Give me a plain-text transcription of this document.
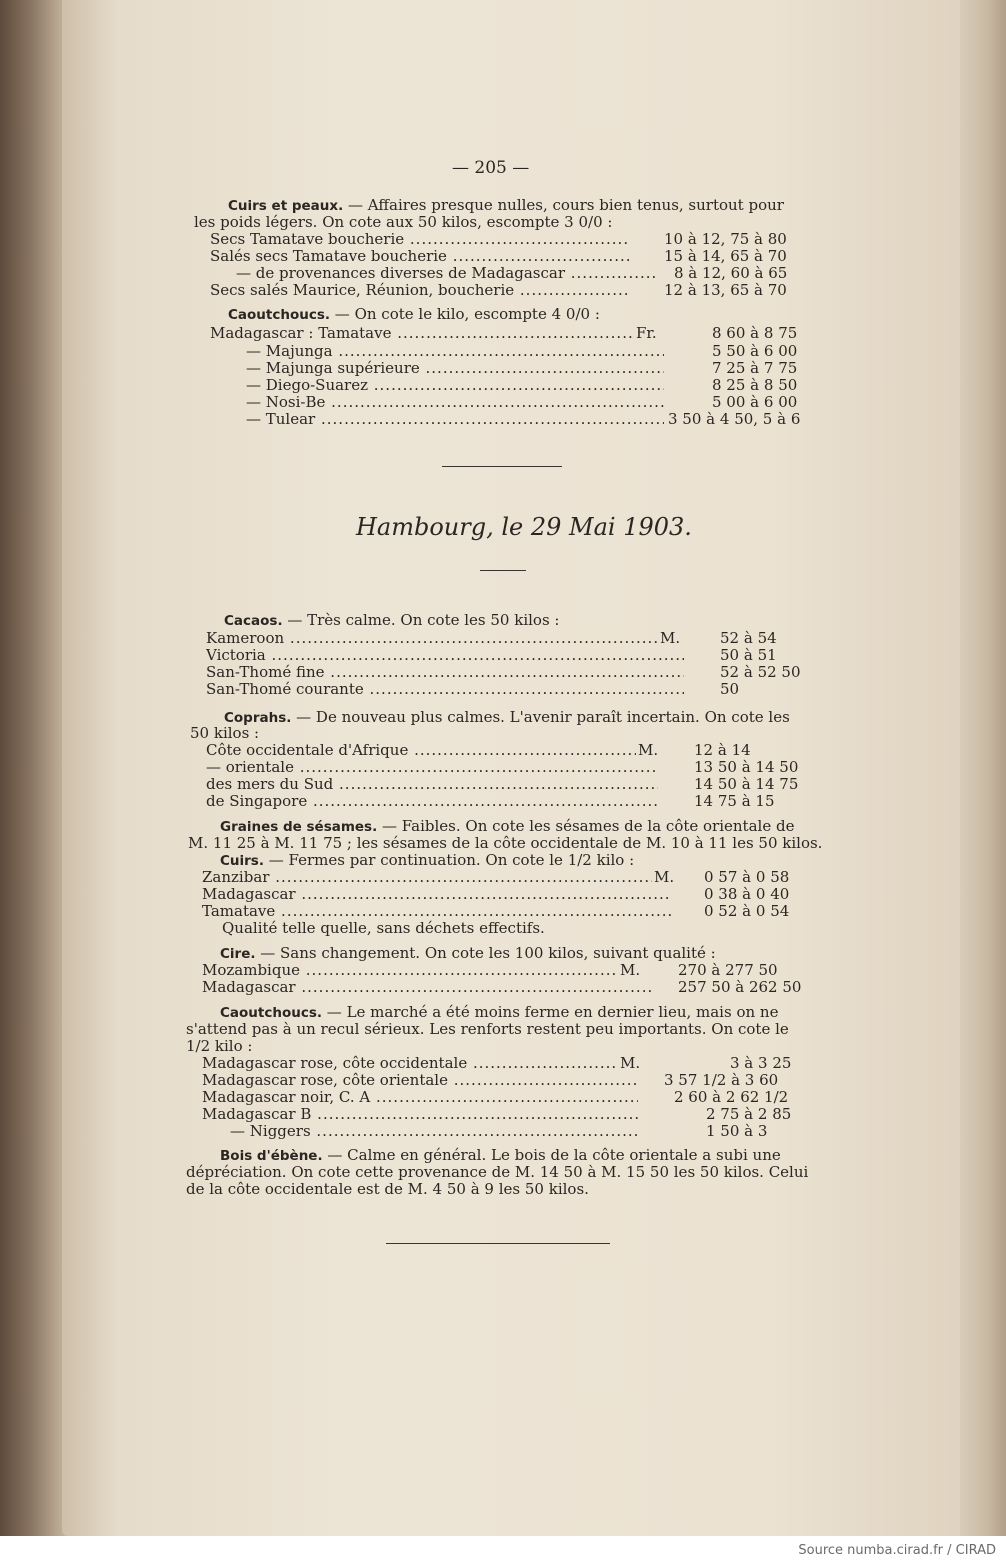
— 205 —
Cuirs et peaux. — Affaires presque nulles, cours bien tenus, surtout pour
les poids légers. On cote aux 50 kilos, escompte 3 0/0 :
Secs Tamatave boucherie .....	10 à 12, 75 à 80
Salés secs Tamatave boucherie .....	15 à 14, 65 à 70
— de provenances diverses de Madagascar .....	8 à 12, 60 à 65
Secs salés Maurice, Réunion, boucherie .....	12 à 13, 65 à 70
Caoutchoucs. — On cote le kilo, escompte 4 0/0 :
Madagascar : Tamatave .....	Fr.	8 60 à 8 75
— Majunga .....	5 50 à 6 00
— Majunga supérieure .....	7 25 à 7 75
— Diego-Suarez .....	8 25 à 8 50
— Nosi-Be .....	5 00 à 6 00
— Tulear .....	3 50 à 4 50, 5 à 6
Hambourg, le 29 Mai 1903.
Cacaos. — Très calme. On cote les 50 kilos :
Kameroon .....	M.	52 à 54
Victoria .....	50 à 51
San-Thomé fine .....	52 à 52 50
San-Thomé courante .....	50
Coprahs. — De nouveau plus calmes. L'avenir paraît incertain. On cote les
50 kilos :
Côte occidentale d'Afrique .....	M. 12 à 14
— orientale .....	13 50 à 14 50
des mers du Sud .....	14 50 à 14 75
de Singapore .....	14 75 à 15
Graines de sésames. — Faibles. On cote les sésames de la côte orientale de
M. 11 25 à M. 11 75 ; les sésames de la côte occidentale de M. 10 à 11 les 50 kilos.
Cuirs. — Fermes par continuation. On cote le 1/2 kilo :
Zanzibar .....	M. 0 57 à 0 58
Madagascar .....	0 38 à 0 40
Tamatave .....	0 52 à 0 54
Qualité telle quelle, sans déchets effectifs.
Cire. — Sans changement. On cote les 100 kilos, suivant qualité :
Mozambique .....	M.	270 à 277 50
Madagascar .....	257 50 à 262 50
Caoutchoucs. — Le marché a été moins ferme en dernier lieu, mais on ne
s'attend pas à un recul sérieux. Les renforts restent peu importants. On cote le
1/2 kilo :
Madagascar rose, côte occidentale .....	M.	3 à 3 25
Madagascar rose, côte orientale .....	3 57 1/2 à 3 60
Madagascar noir, C. A .....	2 60 à 2 62 1/2
Madagascar B .....	2 75 à 2 85
— Niggers .....	1 50 à 3
Bois d'ébène. — Calme en général. Le bois de la côte orientale a subi une
dépréciation. On cote cette provenance de M. 14 50 à M. 15 50 les 50 kilos. Celui
de la côte occidentale est de M. 4 50 à 9 les 50 kilos.
Source numba.cirad.fr / CIRAD
